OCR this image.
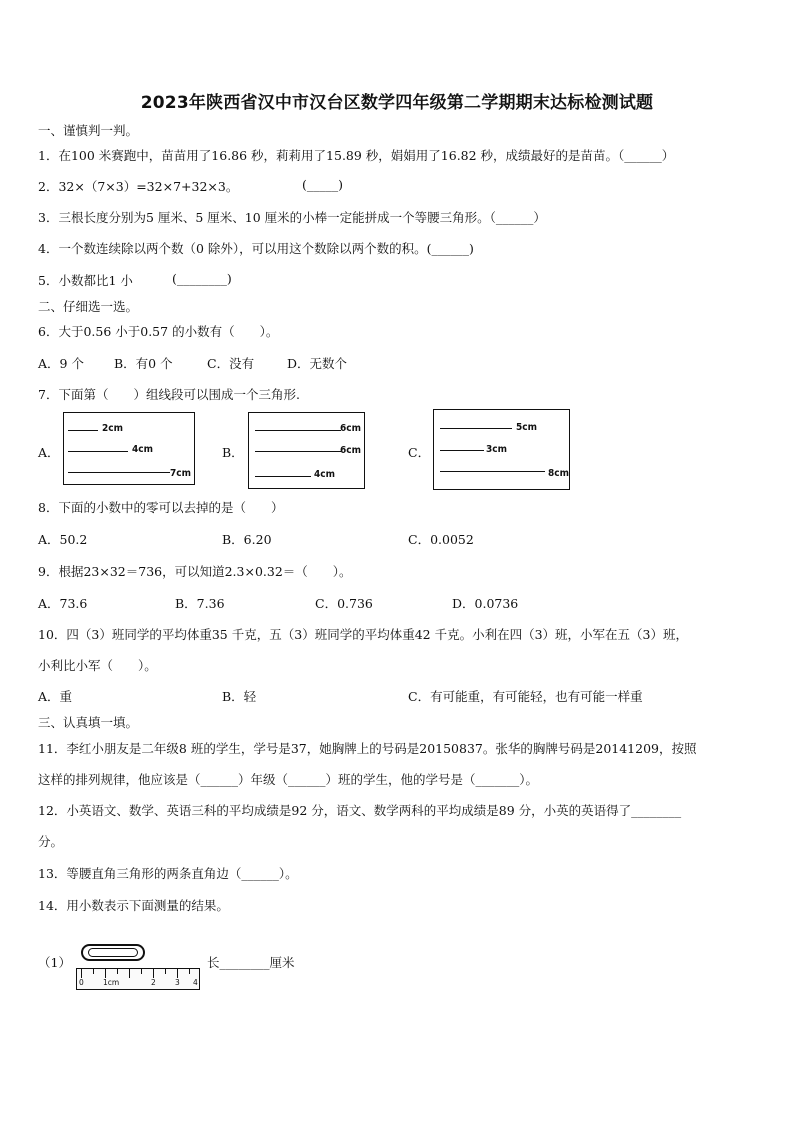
2023年陕西省汉中市汉台区数学四年级第二学期期末达标检测试题
一、谨慎判一判。
1．在100 米赛跑中，苗苗用了16.86 秒，莉莉用了15.89 秒，娟娟用了16.82 秒，成绩最好的是苗苗。（______）
2．32×（7×3）=32×7+32×3。	(_____)
3．三根长度分别为5 厘米、5 厘米、10 厘米的小棒一定能拼成一个等腰三角形。（______）
4．一个数连续除以两个数（0 除外），可以用这个数除以两个数的积。(______)
5．小数都比1 小	(________)
二、仔细选一选。
6．大于0.56 小于0.57 的小数有（　　）。
A．9 个 B．有0 个	C．没有	D．无数个
7．下面第（　　）组线段可以围成一个三角形.
A．
2cm
4cm
7cm
B．
6cm
6cm
4cm
C．
5cm
3cm
8cm
8．下面的小数中的零可以去掉的是（　　）
A．50.2	B．6.20	C．0.0052
9．根据23×32＝736，可以知道2.3×0.32＝（　　）。
A．73.6	B．7.36	C．0.736	D．0.0736
10．四（3）班同学的平均体重35 千克，五（3）班同学的平均体重42 千克。小利在四（3）班，小军在五（3）班，
小利比小军（　　）。
A．重	B．轻	C．有可能重，有可能轻，也有可能一样重
三、认真填一填。
11．李红小朋友是二年级8 班的学生，学号是37，她胸牌上的号码是20150837。张华的胸牌号码是20141209，按照
这样的排列规律，他应该是（______）年级（______）班的学生，他的学号是（_______）。
12．小英语文、数学、英语三科的平均成绩是92 分，语文、数学两科的平均成绩是89 分，小英的英语得了________
分。
13．等腰直角三角形的两条直角边（______）。
14．用小数表示下面测量的结果。
（1）
0	1cm	2	3 4
长________厘米
